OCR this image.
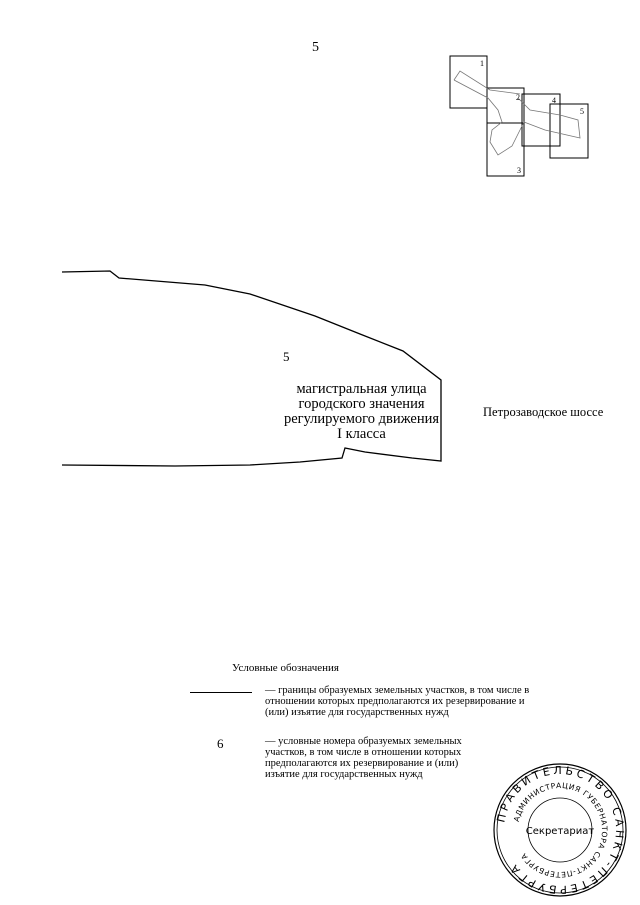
5
1
2
3
4
5
5
магистральная улица
городского значения
регулируемого движения
I класса
Петрозаводское шоссе
Условные обозначения
— границы образуемых земельных участков, в том числе в отношении которых предполагаются их резервирование и (или) изъятие для государственных нужд
6	— условные номера образуемых земельных участков, в том числе в отношении которых предполагаются их резервирование и (или) изъятие для государственных нужд
ПРАВИТЕЛЬСТВО САНКТ-ПЕТЕРБУРГА
АДМИНИСТРАЦИЯ ГУБЕРНАТОРА САНКТ-ПЕТЕРБУРГА
Секретариат
